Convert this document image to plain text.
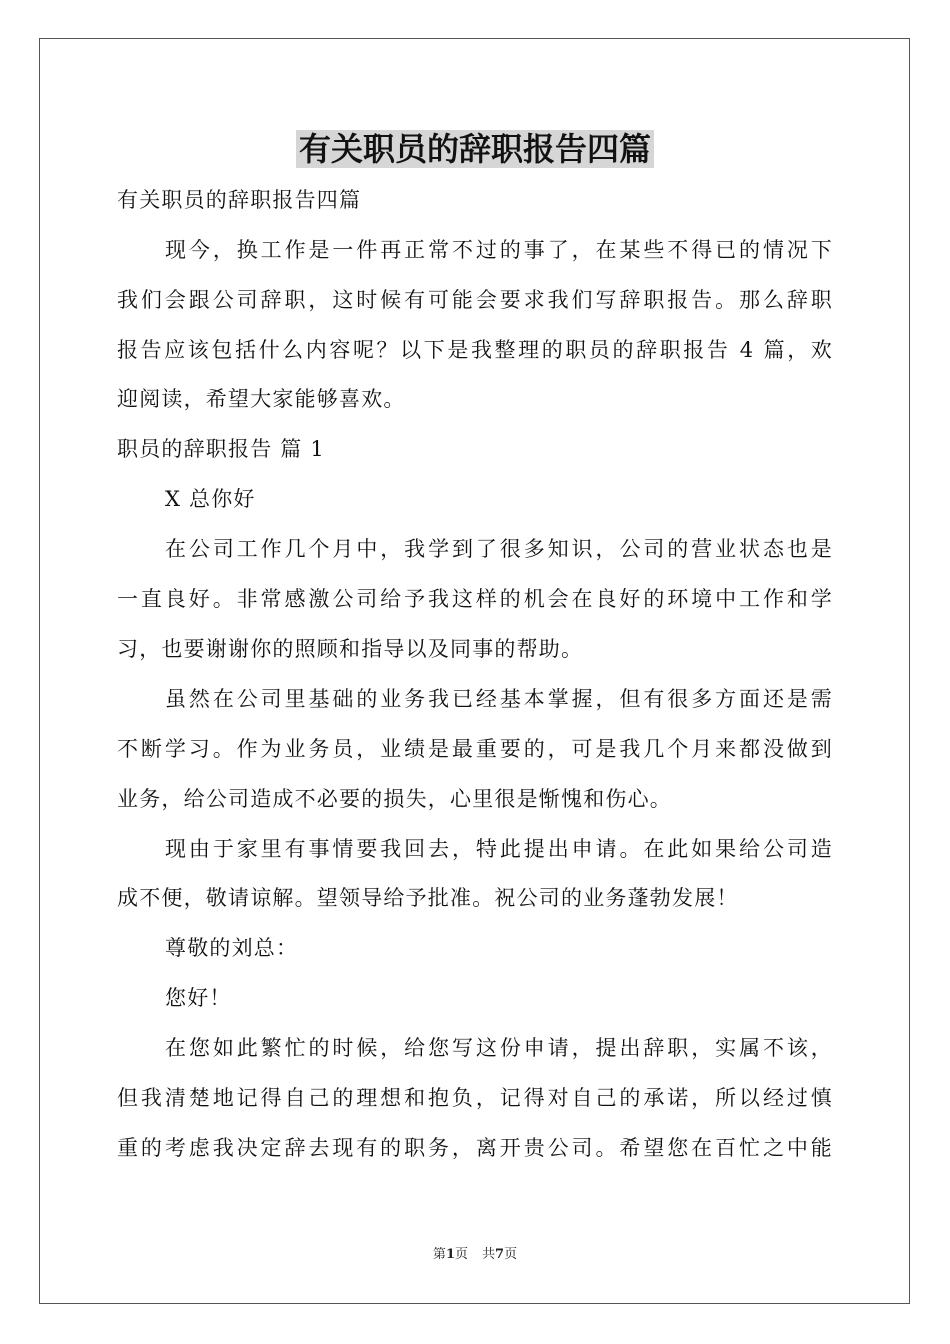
有关职员的辞职报告四篇
有关职员的辞职报告四篇
现今，换工作是一件再正常不过的事了，在某些不得已的情况下
我们会跟公司辞职，这时候有可能会要求我们写辞职报告。那么辞职
报告应该包括什么内容呢？以下是我整理的职员的辞职报告 4 篇，欢
迎阅读，希望大家能够喜欢。
职员的辞职报告 篇 1
X 总你好
在公司工作几个月中，我学到了很多知识，公司的营业状态也是
一直良好。非常感激公司给予我这样的机会在良好的环境中工作和学
习，也要谢谢你的照顾和指导以及同事的帮助。
虽然在公司里基础的业务我已经基本掌握，但有很多方面还是需
不断学习。作为业务员，业绩是最重要的，可是我几个月来都没做到
业务，给公司造成不必要的损失，心里很是惭愧和伤心。
现由于家里有事情要我回去，特此提出申请。在此如果给公司造
成不便，敬请谅解。望领导给予批准。祝公司的业务蓬勃发展！
尊敬的刘总：
您好！
在您如此繁忙的时候，给您写这份申请，提出辞职，实属不该，
但我清楚地记得自己的理想和抱负，记得对自己的承诺，所以经过慎
重的考虑我决定辞去现有的职务，离开贵公司。希望您在百忙之中能
第1页 共7页
